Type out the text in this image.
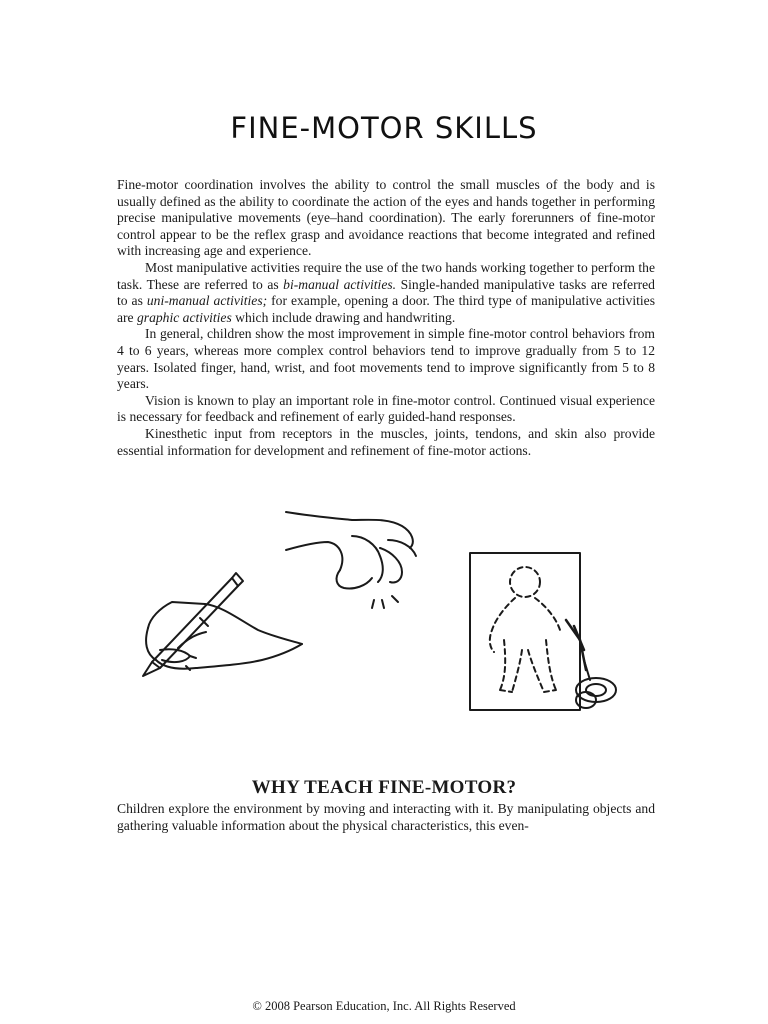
FINE-MOTOR SKILLS

Fine-motor coordination involves the ability to control the small muscles of the body and is usually defined as the ability to coordinate the action of the eyes and hands together in performing precise manipulative movements (eye–hand coordination). The early forerunners of fine-motor control appear to be the reflex grasp and avoidance reactions that become integrated and refined with increasing age and experience.

Most manipulative activities require the use of the two hands working together to perform the task. These are referred to as bi-manual activities. Single-handed manipulative tasks are referred to as uni-manual activities; for example, opening a door. The third type of manipulative activities are graphic activities which include drawing and handwriting.

In general, children show the most improvement in simple fine-motor control behaviors from 4 to 6 years, whereas more complex control behaviors tend to improve gradually from 5 to 12 years. Isolated finger, hand, wrist, and foot movements tend to improve significantly from 5 to 8 years.

Vision is known to play an important role in fine-motor control. Continued visual experience is necessary for feedback and refinement of early guided-hand responses.

Kinesthetic input from receptors in the muscles, joints, tendons, and skin also provide essential information for development and refinement of fine-motor actions.

WHY TEACH FINE-MOTOR?

Children explore the environment by moving and interacting with it. By manipulating objects and gathering valuable information about the physical characteristics, this even-

© 2008 Pearson Education, Inc. All Rights Reserved
